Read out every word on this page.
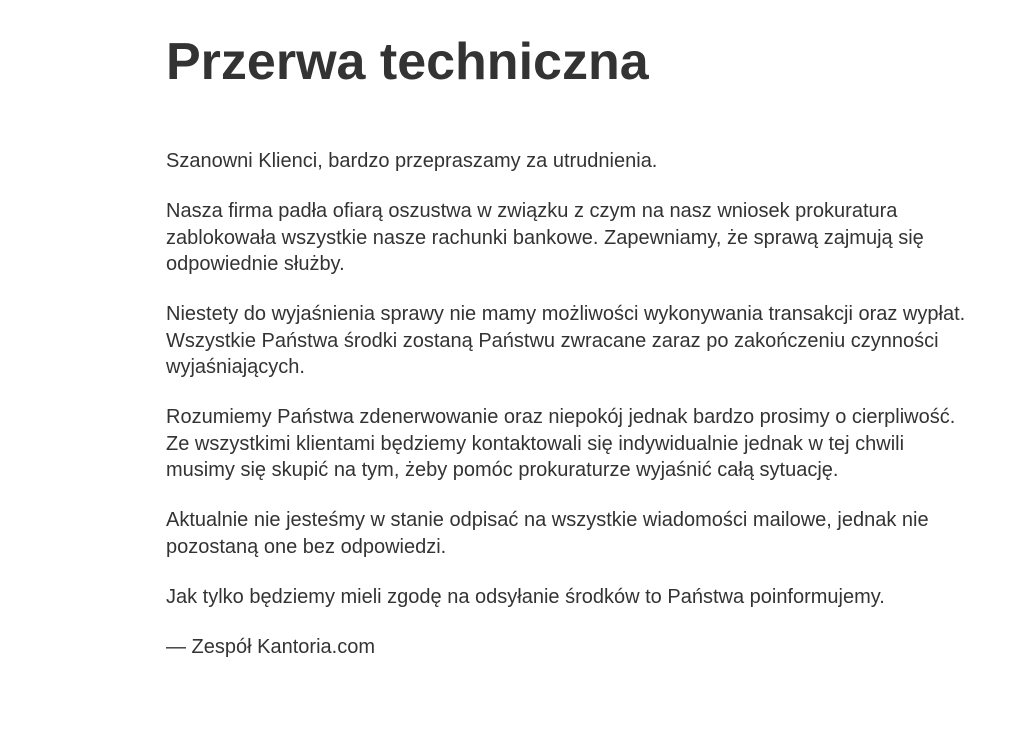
Przerwa techniczna

Szanowni Klienci, bardzo przepraszamy za utrudnienia.

Nasza firma padła ofiarą oszustwa w związku z czym na nasz wniosek prokuratura zablokowała wszystkie nasze rachunki bankowe. Zapewniamy, że sprawą zajmują się odpowiednie służby.

Niestety do wyjaśnienia sprawy nie mamy możliwości wykonywania transakcji oraz wypłat. Wszystkie Państwa środki zostaną Państwu zwracane zaraz po zakończeniu czynności wyjaśniających.

Rozumiemy Państwa zdenerwowanie oraz niepokój jednak bardzo prosimy o cierpliwość. Ze wszystkimi klientami będziemy kontaktowali się indywidualnie jednak w tej chwili musimy się skupić na tym, żeby pomóc prokuraturze wyjaśnić całą sytuację.

Aktualnie nie jesteśmy w stanie odpisać na wszystkie wiadomości mailowe, jednak nie pozostaną one bez odpowiedzi.

Jak tylko będziemy mieli zgodę na odsyłanie środków to Państwa poinformujemy.

— Zespół Kantoria.com
